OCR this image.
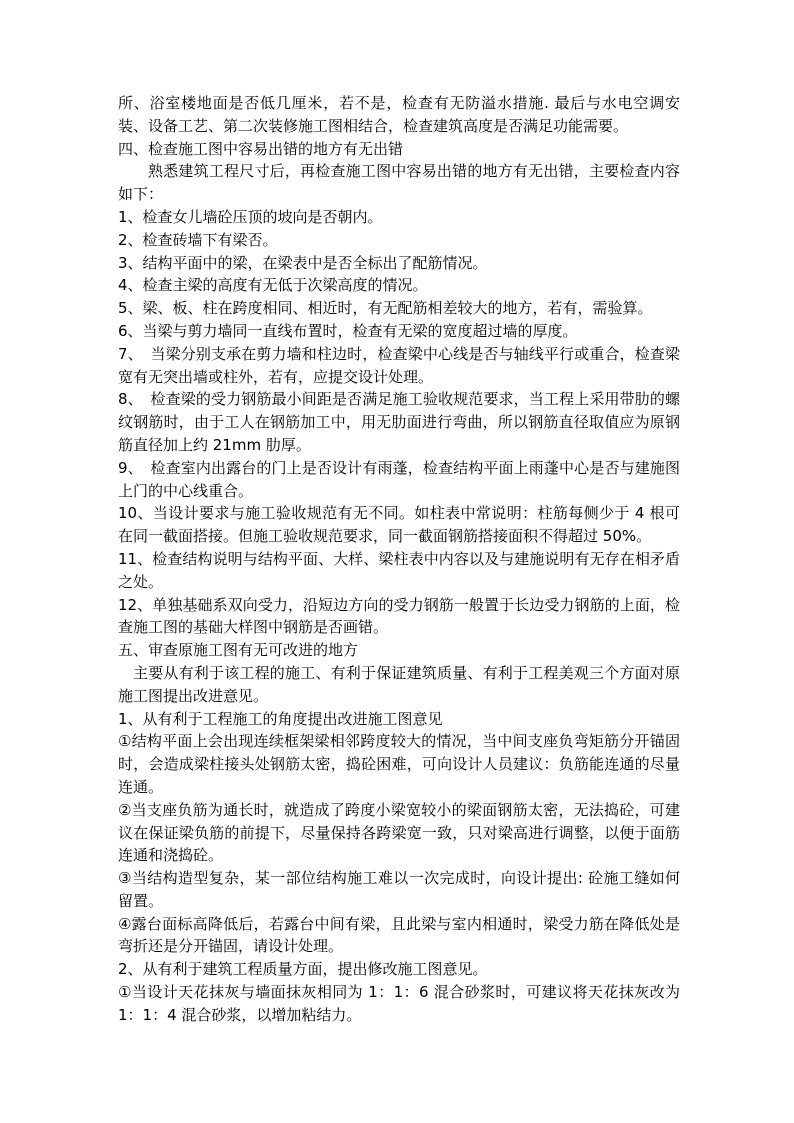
所、浴室楼地面是否低几厘米，若不是，检查有无防溢水措施. 最后与水电空调安装、设备工艺、第二次装修施工图相结合，检查建筑高度是否满足功能需要。

四、检查施工图中容易出错的地方有无出错

熟悉建筑工程尺寸后，再检查施工图中容易出错的地方有无出错，主要检查内容如下：

1、检查女儿墙砼压顶的坡向是否朝内。

2、检查砖墙下有梁否。

3、结构平面中的梁，在梁表中是否全标出了配筋情况。

4、检查主梁的高度有无低于次梁高度的情况。

5、梁、板、柱在跨度相同、相近时，有无配筋相差较大的地方，若有，需验算。

6、当梁与剪力墙同一直线布置时，检查有无梁的宽度超过墙的厚度。

7、　当梁分别支承在剪力墙和柱边时，检查梁中心线是否与轴线平行或重合，检查梁宽有无突出墙或柱外，若有，应提交设计处理。

8、　检查梁的受力钢筋最小间距是否满足施工验收规范要求，当工程上采用带肋的螺纹钢筋时，由于工人在钢筋加工中，用无肋面进行弯曲，所以钢筋直径取值应为原钢筋直径加上约 21mm 肋厚。

9、　检查室内出露台的门上是否设计有雨蓬，检查结构平面上雨蓬中心是否与建施图上门的中心线重合。

10、当设计要求与施工验收规范有无不同。如柱表中常说明：柱筋每侧少于 4 根可在同一截面搭接。但施工验收规范要求，同一截面钢筋搭接面积不得超过 50%。

11、检查结构说明与结构平面、大样、梁柱表中内容以及与建施说明有无存在相矛盾之处。

12、单独基础系双向受力，沿短边方向的受力钢筋一般置于长边受力钢筋的上面，检查施工图的基础大样图中钢筋是否画错。

五、审查原施工图有无可改进的地方

主要从有利于该工程的施工、有利于保证建筑质量、有利于工程美观三个方面对原施工图提出改进意见。

1、从有利于工程施工的角度提出改进施工图意见

①结构平面上会出现连续框架梁相邻跨度较大的情况，当中间支座负弯矩筋分开锚固时，会造成梁柱接头处钢筋太密，捣砼困难，可向设计人员建议：负筋能连通的尽量连通。

②当支座负筋为通长时，就造成了跨度小梁宽较小的梁面钢筋太密，无法捣砼，可建议在保证梁负筋的前提下，尽量保持各跨梁宽一致，只对梁高进行调整，以便于面筋连通和浇捣砼。

③当结构造型复杂，某一部位结构施工难以一次完成时，向设计提出: 砼施工缝如何留置。

④露台面标高降低后，若露台中间有梁，且此梁与室内相通时，梁受力筋在降低处是弯折还是分开锚固，请设计处理。

2、从有利于建筑工程质量方面，提出修改施工图意见。

①当设计天花抹灰与墙面抹灰相同为 1：1：6 混合砂浆时，可建议将天花抹灰改为 1：1：4 混合砂浆，以增加粘结力。
